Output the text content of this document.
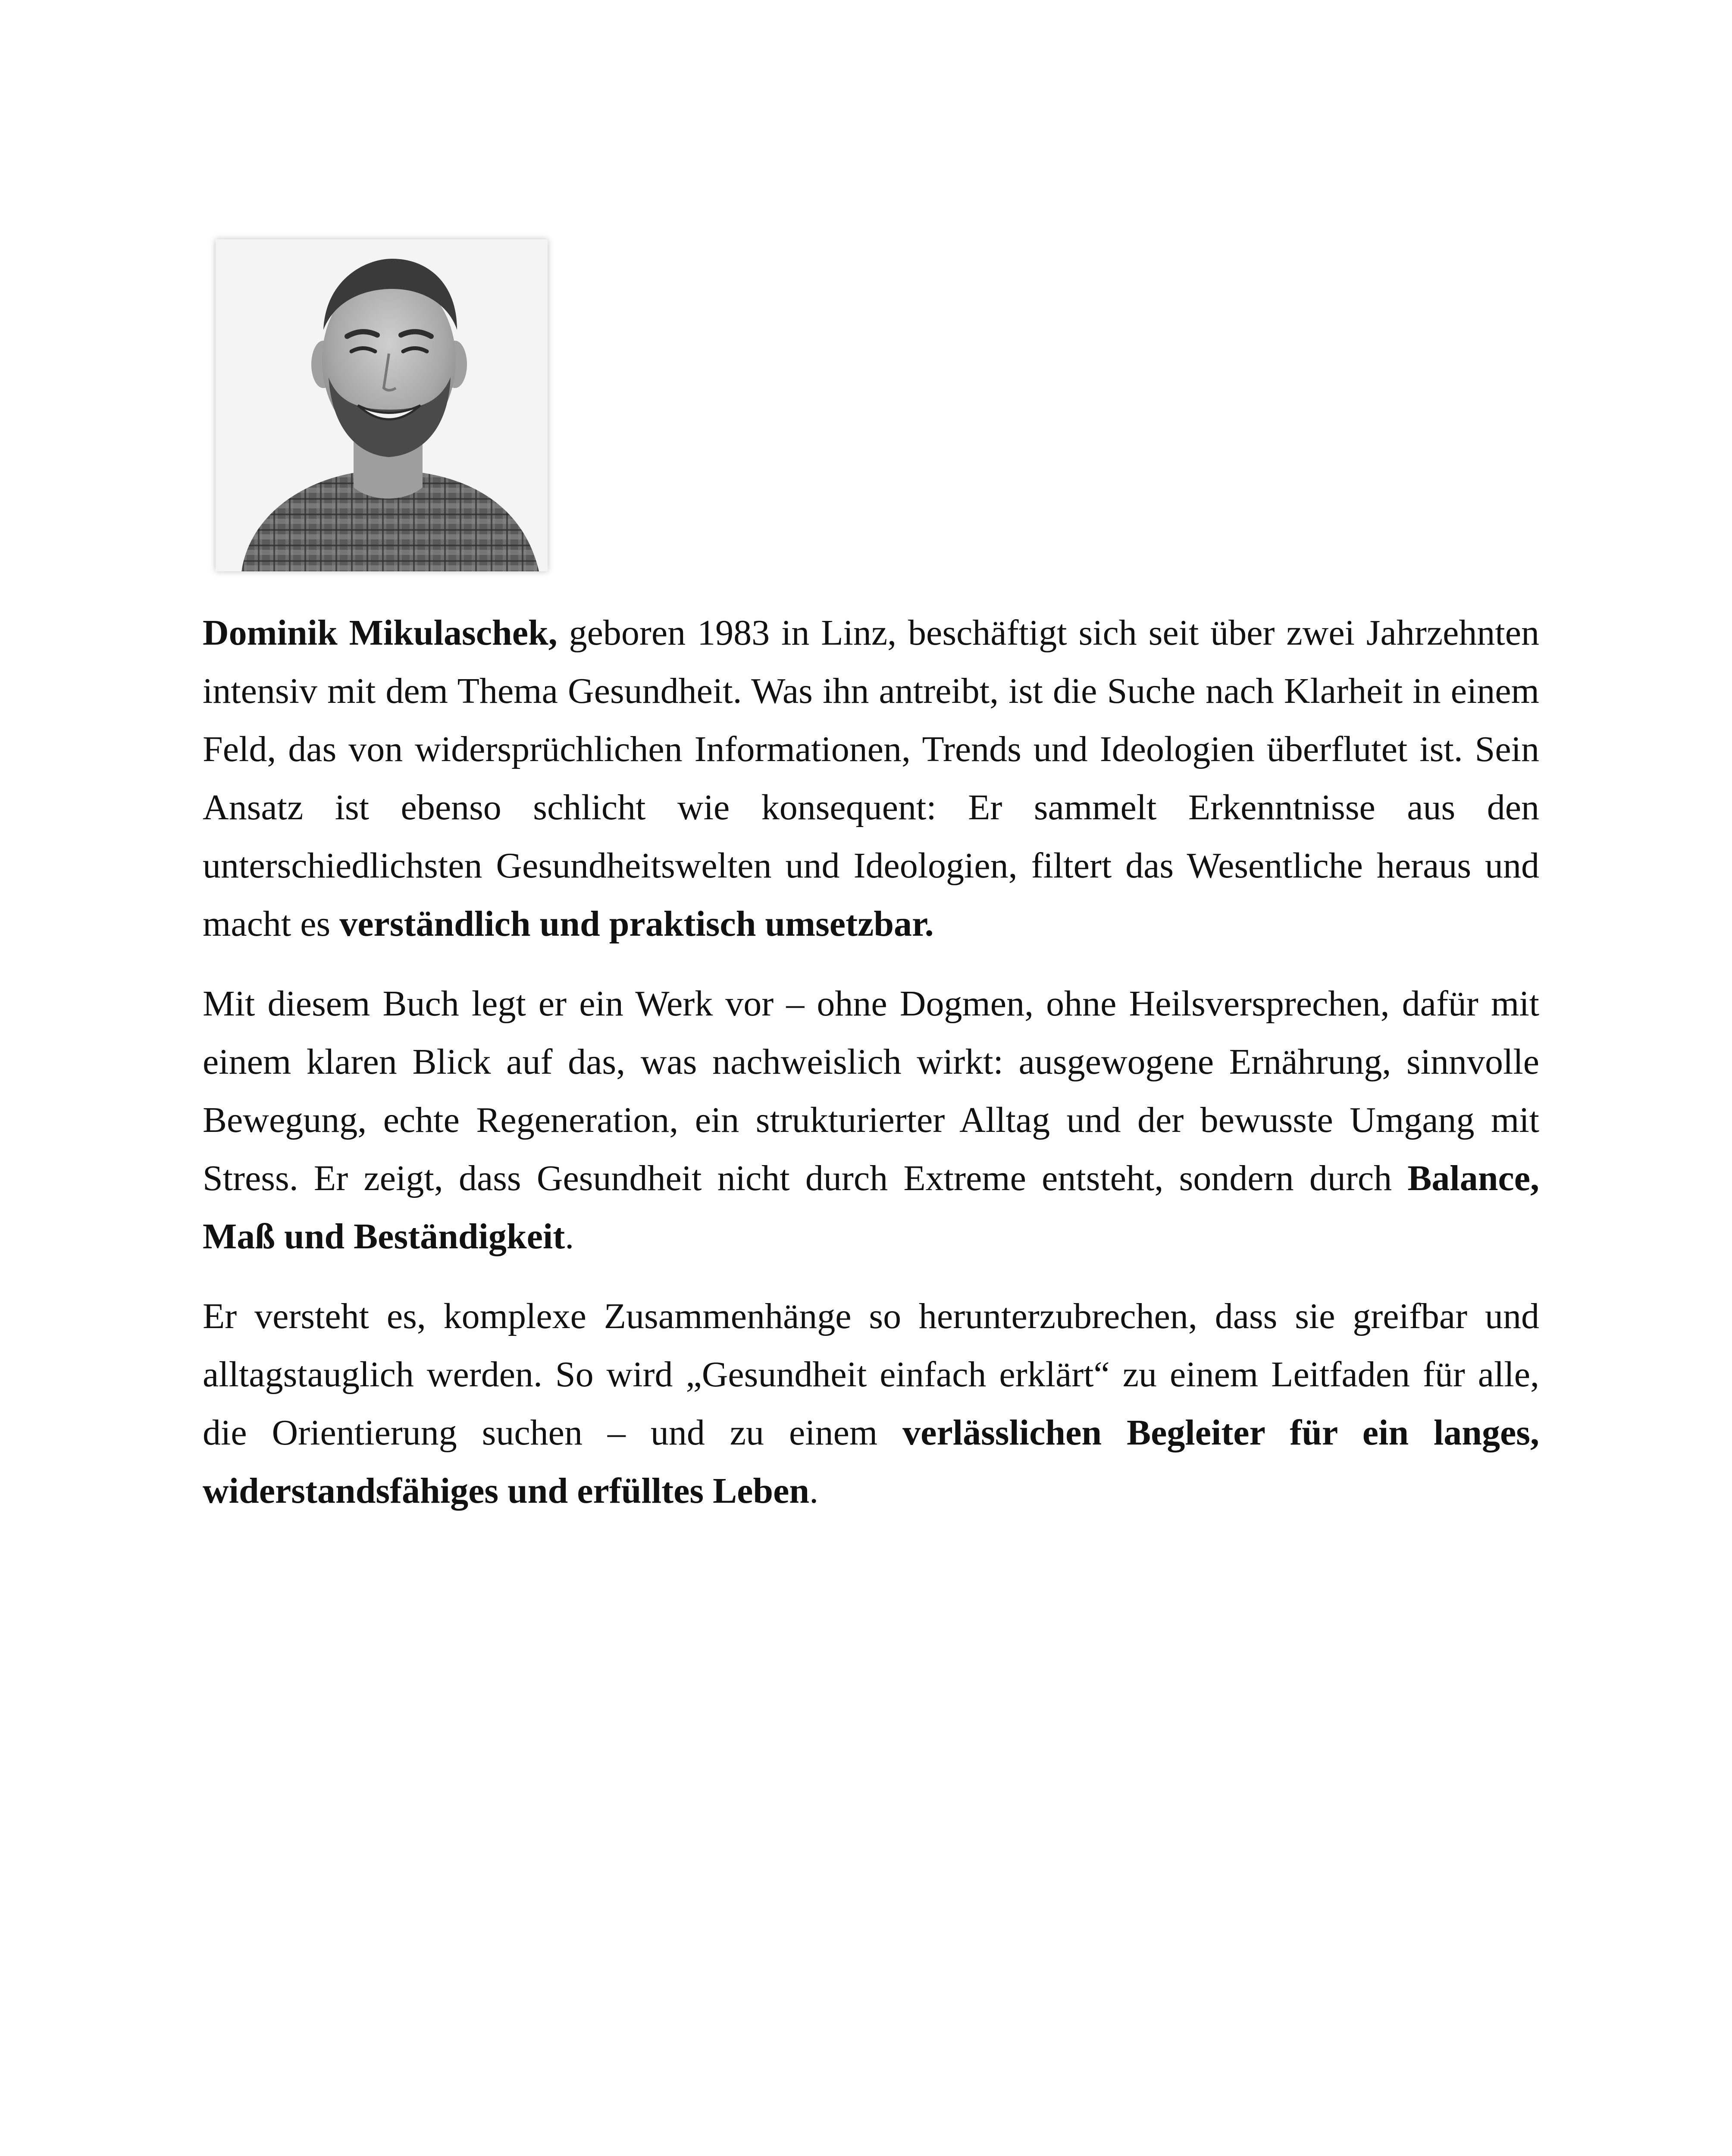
Dominik Mikulaschek, geboren 1983 in Linz, beschäftigt sich seit über zwei Jahrzehnten intensiv mit dem Thema Gesundheit. Was ihn antreibt, ist die Suche nach Klarheit in einem Feld, das von widersprüchlichen Informationen, Trends und Ideologien überflutet ist. Sein Ansatz ist ebenso schlicht wie konsequent: Er sammelt Erkenntnisse aus den unterschiedlichsten Gesundheitswelten und Ideologien, filtert das Wesentliche heraus und macht es verständlich und praktisch umsetzbar.

Mit diesem Buch legt er ein Werk vor – ohne Dogmen, ohne Heilsversprechen, dafür mit einem klaren Blick auf das, was nachweislich wirkt: ausgewogene Ernährung, sinnvolle Bewegung, echte Regeneration, ein strukturierter Alltag und der bewusste Umgang mit Stress. Er zeigt, dass Gesundheit nicht durch Extreme entsteht, sondern durch Balance, Maß und Beständigkeit.

Er versteht es, komplexe Zusammenhänge so herunterzubrechen, dass sie greifbar und alltagstauglich werden. So wird „Gesundheit einfach erklärt“ zu einem Leitfaden für alle, die Orientierung suchen – und zu einem verlässlichen Begleiter für ein langes, widerstandsfähiges und erfülltes Leben.
